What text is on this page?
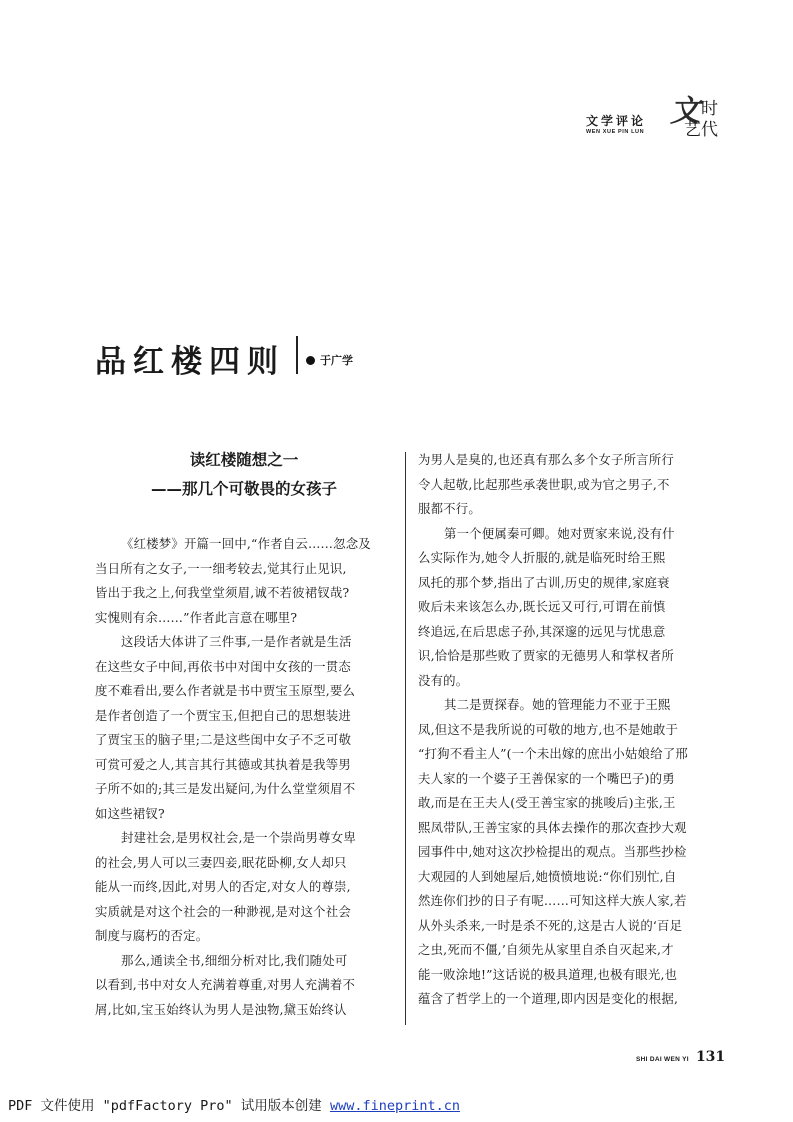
文学评论
WEN XUE PIN LUN
文 时
艺代
品红楼四则	于广学

读红楼随想之一

——那几个可敬畏的女孩子

《红楼梦》开篇一回中,“作者自云……忽念及

当日所有之女子,一一细考较去,觉其行止见识,

皆出于我之上,何我堂堂须眉,诚不若彼裙钗哉?

实愧则有余……”作者此言意在哪里?

这段话大体讲了三件事,一是作者就是生活

在这些女子中间,再依书中对闺中女孩的一贯态

度不难看出,要么作者就是书中贾宝玉原型,要么

是作者创造了一个贾宝玉,但把自己的思想装进

了贾宝玉的脑子里;二是这些闺中女子不乏可敬

可赏可爱之人,其言其行其德或其执着是我等男

子所不如的;其三是发出疑问,为什么堂堂须眉不

如这些裙钗?

封建社会,是男权社会,是一个崇尚男尊女卑

的社会,男人可以三妻四妾,眠花卧柳,女人却只

能从一而终,因此,对男人的否定,对女人的尊崇,

实质就是对这个社会的一种渺视,是对这个社会

制度与腐朽的否定。

那么,通读全书,细细分析对比,我们随处可

以看到,书中对女人充满着尊重,对男人充满着不

屑,比如,宝玉始终认为男人是浊物,黛玉始终认

为男人是臭的,也还真有那么多个女子所言所行

令人起敬,比起那些承袭世职,或为官之男子,不

服都不行。

第一个便属秦可卿。她对贾家来说,没有什

么实际作为,她令人折服的,就是临死时给王熙

凤托的那个梦,指出了古训,历史的规律,家庭衰

败后未来该怎么办,既长远又可行,可谓在前慎

终追远,在后思虑子孙,其深邃的远见与忧患意

识,恰恰是那些败了贾家的无德男人和掌权者所

没有的。

其二是贾探春。她的管理能力不亚于王熙

凤,但这不是我所说的可敬的地方,也不是她敢于

“打狗不看主人”(一个未出嫁的庶出小姑娘给了邢

夫人家的一个婆子王善保家的一个嘴巴子)的勇

敢,而是在王夫人(受王善宝家的挑唆后)主张,王

熙凤带队,王善宝家的具体去操作的那次查抄大观

园事件中,她对这次抄检提出的观点。当那些抄检

大观园的人到她屋后,她愤愤地说:“你们别忙,自

然连你们抄的日子有呢……可知这样大族人家,若

从外头杀来,一时是杀不死的,这是古人说的‘百足

之虫,死而不僵,’自须先从家里自杀自灭起来,才

能一败涂地!”这话说的极具道理,也极有眼光,也

蕴含了哲学上的一个道理,即内因是变化的根据,

SHI DAI WEN YI 131
PDF 文件使用 "pdfFactory Pro" 试用版本创建 www.fineprint.cn
